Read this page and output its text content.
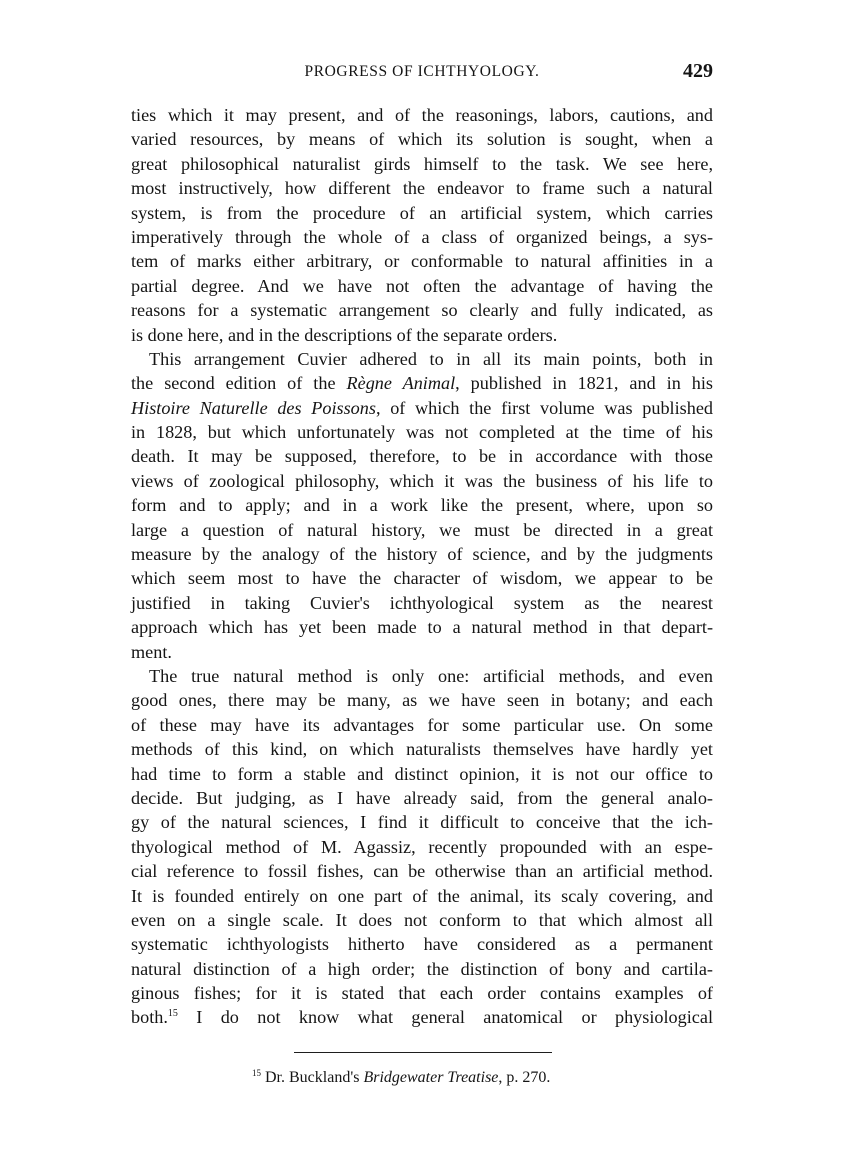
PROGRESS OF ICHTHYOLOGY.	429
ties which it may present, and of the reasonings, labors, cautions, and
varied resources, by means of which its solution is sought, when a
great philosophical naturalist girds himself to the task. We see here,
most instructively, how different the endeavor to frame such a natural
system, is from the procedure of an artificial system, which carries
imperatively through the whole of a class of organized beings, a sys-
tem of marks either arbitrary, or conformable to natural affinities in a
partial degree. And we have not often the advantage of having the
reasons for a systematic arrangement so clearly and fully indicated, as
is done here, and in the descriptions of the separate orders.
This arrangement Cuvier adhered to in all its main points, both in
the second edition of the Règne Animal, published in 1821, and in his
Histoire Naturelle des Poissons, of which the first volume was published
in 1828, but which unfortunately was not completed at the time of his
death. It may be supposed, therefore, to be in accordance with those
views of zoological philosophy, which it was the business of his life to
form and to apply; and in a work like the present, where, upon so
large a question of natural history, we must be directed in a great
measure by the analogy of the history of science, and by the judgments
which seem most to have the character of wisdom, we appear to be
justified in taking Cuvier's ichthyological system as the nearest
approach which has yet been made to a natural method in that depart-
ment.
The true natural method is only one: artificial methods, and even
good ones, there may be many, as we have seen in botany; and each
of these may have its advantages for some particular use. On some
methods of this kind, on which naturalists themselves have hardly yet
had time to form a stable and distinct opinion, it is not our office to
decide. But judging, as I have already said, from the general analo-
gy of the natural sciences, I find it difficult to conceive that the ich-
thyological method of M. Agassiz, recently propounded with an espe-
cial reference to fossil fishes, can be otherwise than an artificial method.
It is founded entirely on one part of the animal, its scaly covering, and
even on a single scale. It does not conform to that which almost all
systematic ichthyologists hitherto have considered as a permanent
natural distinction of a high order; the distinction of bony and cartila-
ginous fishes; for it is stated that each order contains examples of
both.$^{15}$ I do not know what general anatomical or physiological
$^{15}$ Dr. Buckland's Bridgewater Treatise, p. 270.
